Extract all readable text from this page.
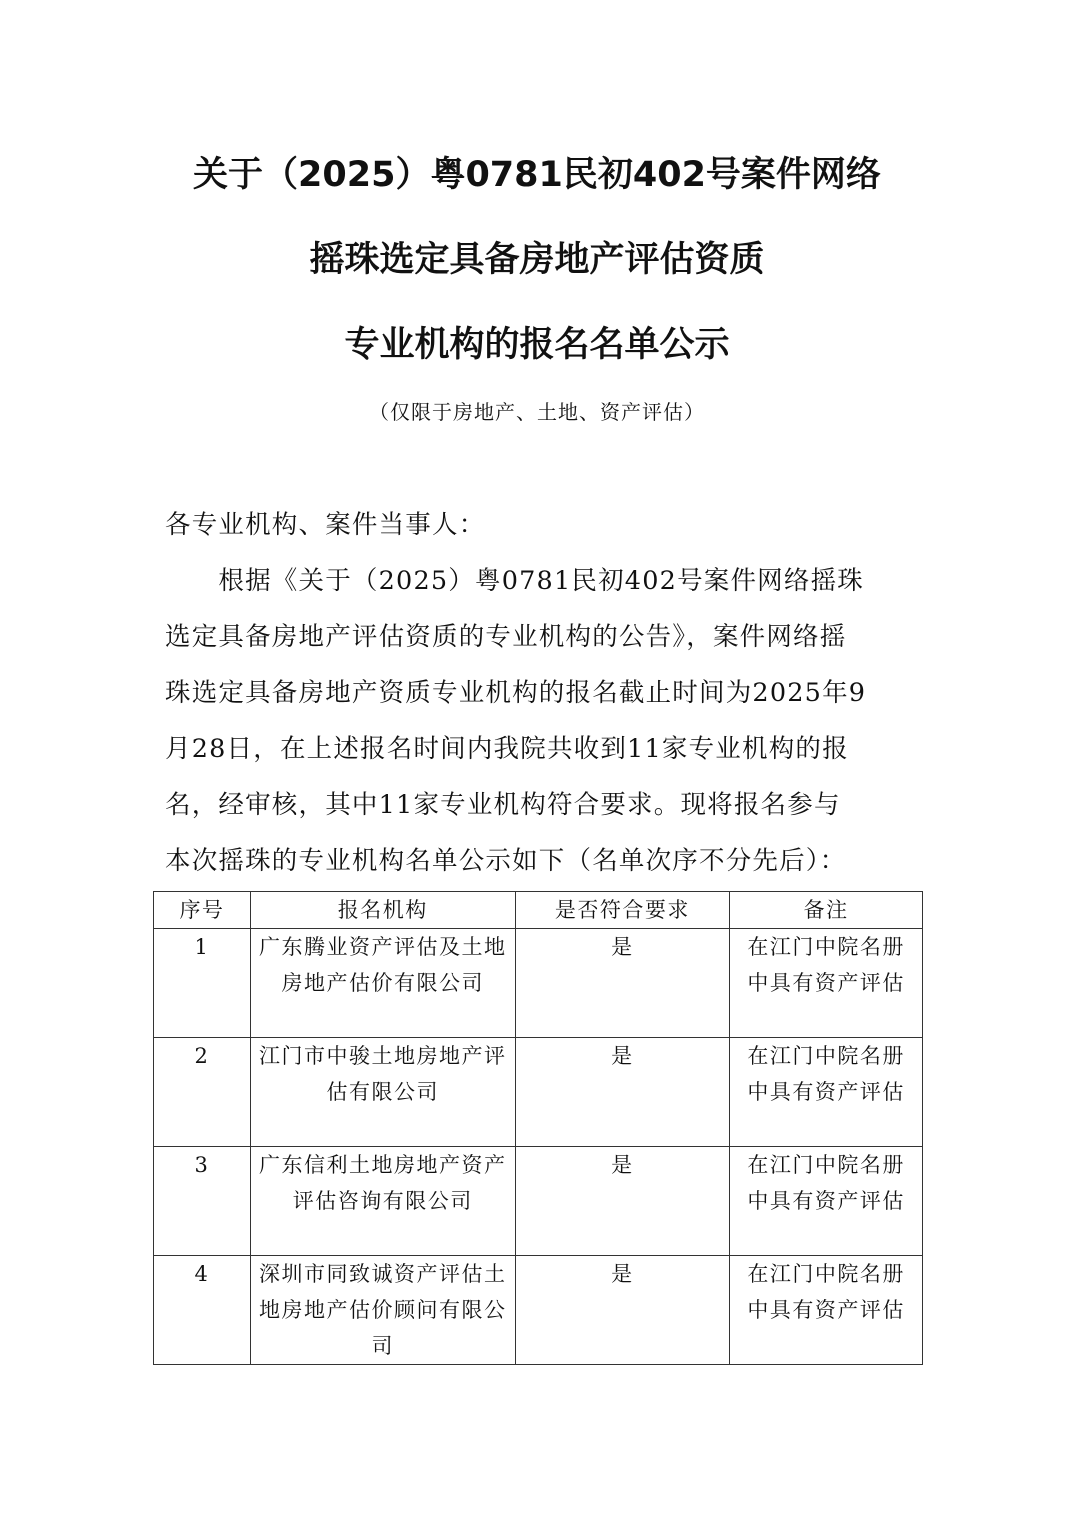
关于（2025）粤0781民初402号案件网络
摇珠选定具备房地产评估资质
专业机构的报名名单公示
（仅限于房地产、土地、资产评估）
各专业机构、案件当事人：
　　根据《关于（2025）粤0781民初402号案件网络摇珠
选定具备房地产评估资质的专业机构的公告》，案件网络摇
珠选定具备房地产资质专业机构的报名截止时间为2025年9
月28日，在上述报名时间内我院共收到11家专业机构的报
名，经审核，其中11家专业机构符合要求。现将报名参与
本次摇珠的专业机构名单公示如下（名单次序不分先后）：
序号	报名机构	是否符合要求	备注
1	广东腾业资产评估及土地房地产估价有限公司	是	在江门中院名册中具有资产评估
2	江门市中骏土地房地产评估有限公司	是	在江门中院名册中具有资产评估
3	广东信利土地房地产资产评估咨询有限公司	是	在江门中院名册中具有资产评估
4	深圳市同致诚资产评估土地房地产估价顾问有限公司	是	在江门中院名册中具有资产评估
